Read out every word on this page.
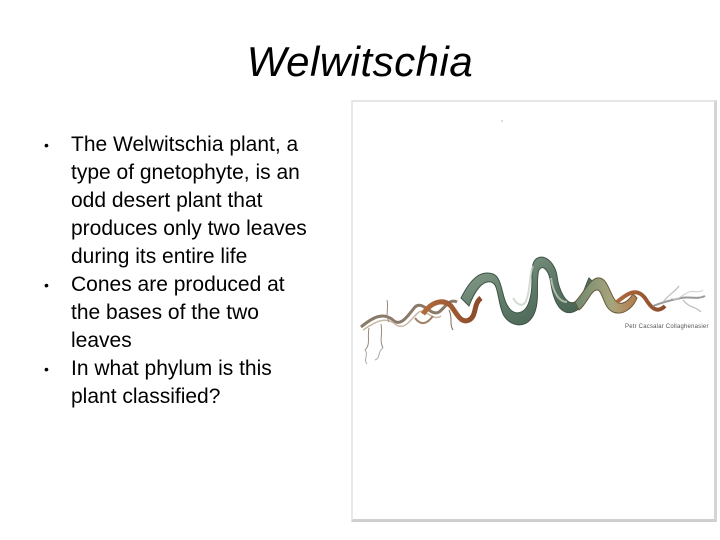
Welwitschia
• The Welwitschia plant, a
type of gnetophyte, is an
odd desert plant that
produces only two leaves
during its entire life
• Cones are produced at
the bases of the two
leaves
• In what phylum is this
plant classified?
Petr Cacsalar Collaghenasier
